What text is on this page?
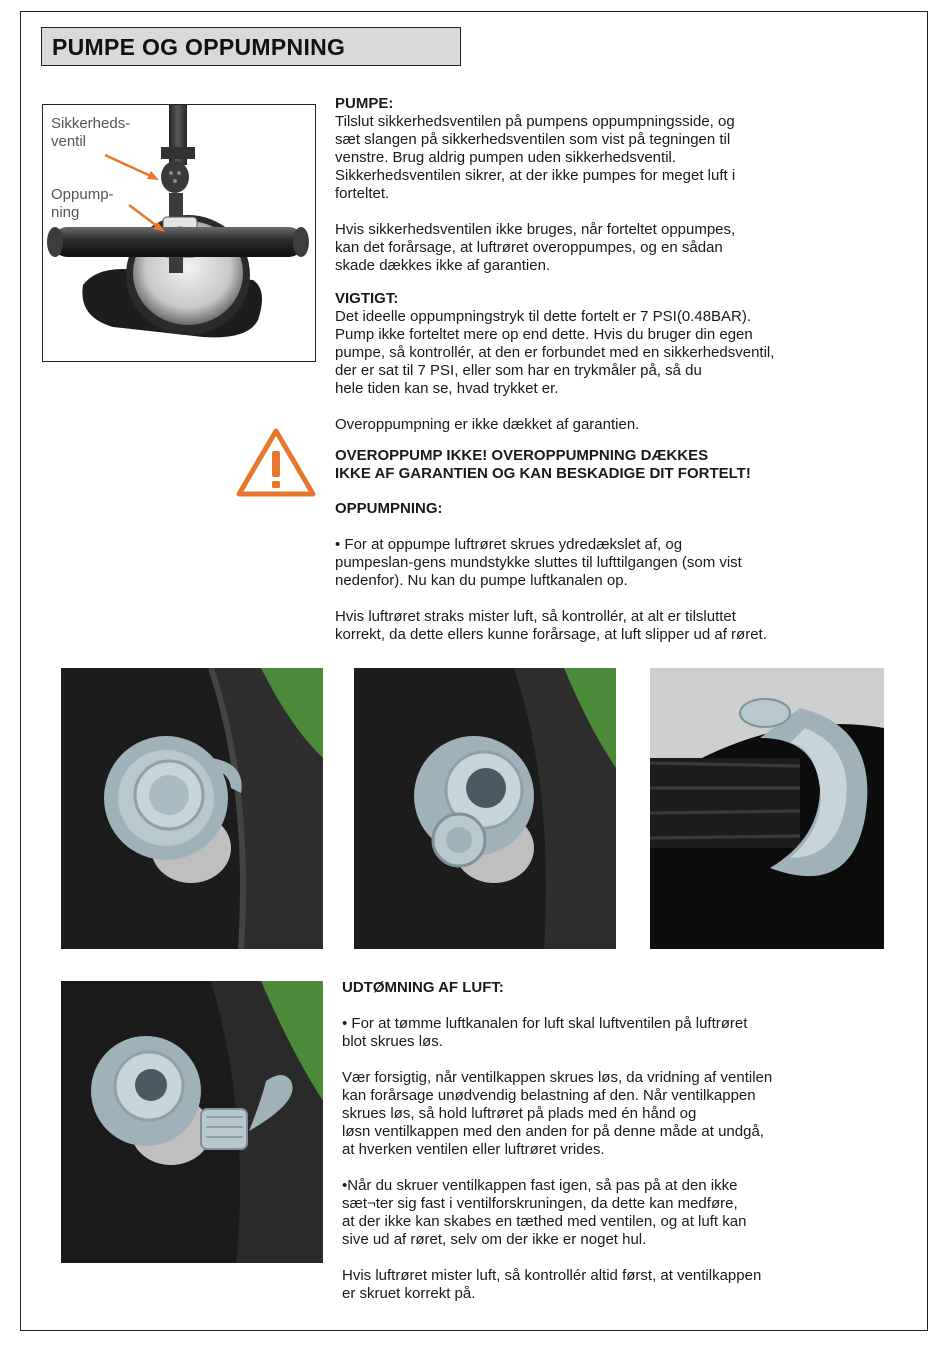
PUMPE OG OPPUMPNING
Sikkerheds-
ventil
Oppump-
ning

PUMPE:

Tilslut sikkerhedsventilen på pumpens oppumpningsside, og

sæt slangen på sikkerhedsventilen som vist på tegningen til

venstre. Brug aldrig pumpen uden sikkerhedsventil.

Sikkerhedsventilen sikrer, at der ikke pumpes for meget luft i

forteltet.

Hvis sikkerhedsventilen ikke bruges, når forteltet oppumpes,

kan det forårsage, at luftrøret overoppumpes, og en sådan

skade dækkes ikke af garantien.

VIGTIGT:

Det ideelle oppumpningstryk til dette fortelt er 7 PSI(0.48BAR).

Pump ikke forteltet mere op end dette. Hvis du bruger din egen

pumpe, så kontrollér, at den er forbundet med en sikkerhedsventil,

der er sat til 7 PSI, eller som har en trykmåler på, så du

hele tiden kan se, hvad trykket er.

Overoppumpning er ikke dækket af garantien.

OVEROPPUMP IKKE! OVEROPPUMPNING DÆKKES

IKKE AF GARANTIEN OG KAN BESKADIGE DIT FORTELT!

OPPUMPNING:

• For at oppumpe luftrøret skrues ydredækslet af, og

pumpeslan-gens mundstykke sluttes til lufttilgangen (som vist

nedenfor). Nu kan du pumpe luftkanalen op.

Hvis luftrøret straks mister luft, så kontrollér, at alt er tilsluttet

korrekt, da dette ellers kunne forårsage, at luft slipper ud af røret.

UDTØMNING AF LUFT:

• For at tømme luftkanalen for luft skal luftventilen på luftrøret

blot skrues løs.

Vær forsigtig, når ventilkappen skrues løs, da vridning af ventilen

kan forårsage unødvendig belastning af den. Når ventilkappen

skrues løs, så hold luftrøret på plads med én hånd og

løsn ventilkappen med den anden for på denne måde at undgå,

at hverken ventilen eller luftrøret vrides.

•Når du skruer ventilkappen fast igen, så pas på at den ikke

sæt¬ter sig fast i ventilforskruningen, da dette kan medføre,

at der ikke kan skabes en tæthed med ventilen, og at luft kan

sive ud af røret, selv om der ikke er noget hul.

Hvis luftrøret mister luft, så kontrollér altid først, at ventilkappen

er skruet korrekt på.
